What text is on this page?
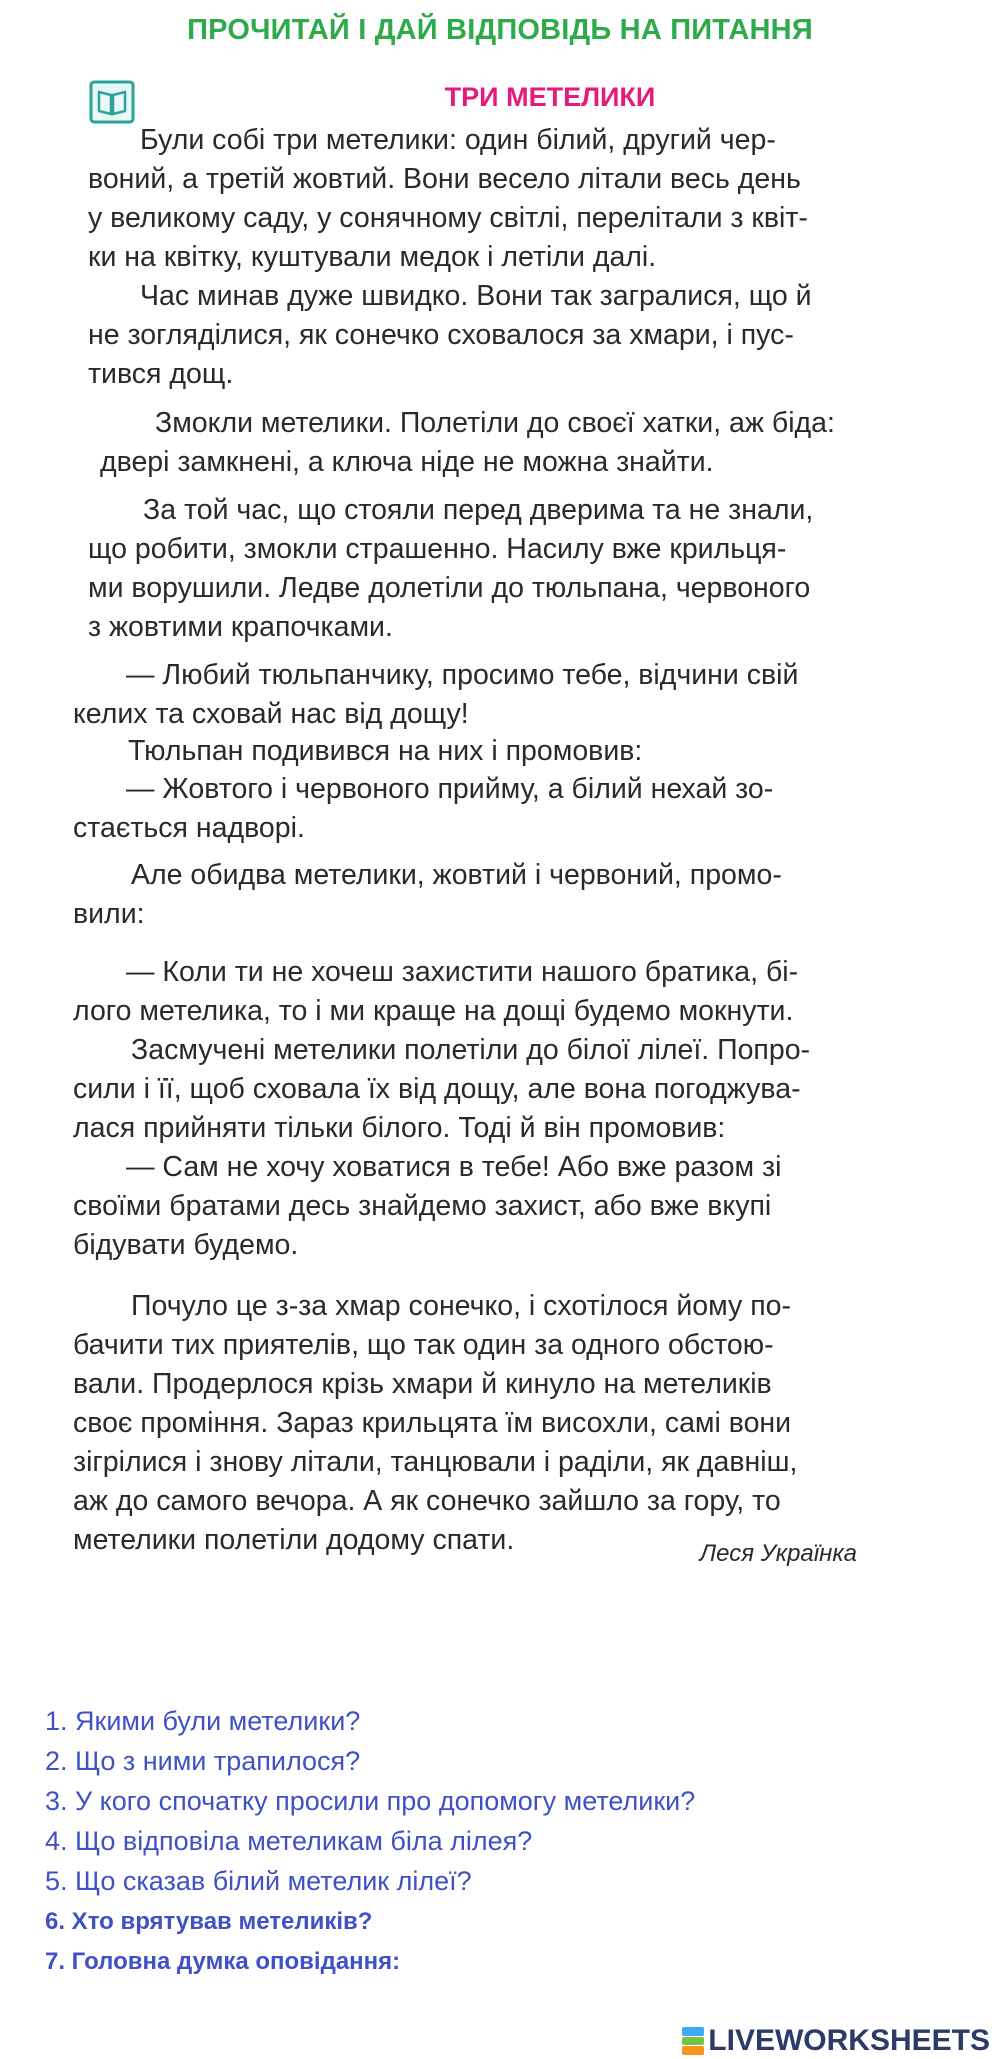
ПРОЧИТАЙ І ДАЙ ВІДПОВІДЬ НА ПИТАННЯ
ТРИ МЕТЕЛИКИ
Були собі три метелики: один білий, другий чер-
воний, а третій жовтий. Вони весело літали весь день
у великому саду, у сонячному світлі, перелітали з квіт-
ки на квітку, куштували медок і летіли далі.
Час минав дуже швидко. Вони так загралися, що й
не зогляділися, як сонечко сховалося за хмари, і пус-
тився дощ.
Змокли метелики. Полетіли до своєї хатки, аж біда:
двері замкнені, а ключа ніде не можна знайти.
За той час, що стояли перед дверима та не знали,
що робити, змокли страшенно. Насилу вже крильця-
ми ворушили. Ледве долетіли до тюльпана, червоного
з жовтими крапочками.
— Любий тюльпанчику, просимо тебе, відчини свій
келих та сховай нас від дощу!
Тюльпан подивився на них і промовив:
— Жовтого і червоного прийму, а білий нехай зо-
стається надворі.
Але обидва метелики, жовтий і червоний, промо-
вили:
— Коли ти не хочеш захистити нашого братика, бі-
лого метелика, то і ми краще на дощі будемо мокнути.
Засмучені метелики полетіли до білої лілеї. Попро-
сили і її, щоб сховала їх від дощу, але вона погоджува-
лася прийняти тільки білого. Тоді й він промовив:
— Сам не хочу ховатися в тебе! Або вже разом зі
своїми братами десь знайдемо захист, або вже вкупі
бідувати будемо.
Почуло це з-за хмар сонечко, і схотілося йому по-
бачити тих приятелів, що так один за одного обстою-
вали. Продерлося крізь хмари й кинуло на метеликів
своє проміння. Зараз крильцята їм висохли, самі вони
зігрілися і знову літали, танцювали і раділи, як давніш,
аж до самого вечора. А як сонечко зайшло за гору, то
метелики полетіли додому спати.	Леся Українка
1. Якими були метелики?
2. Що з ними трапилося?
3. У кого спочатку просили про допомогу метелики?
4. Що відповіла метеликам біла лілея?
5. Що сказав білий метелик лілеї?
6. Хто врятував метеликів?
7. Головна думка оповідання:
LIVEWORKSHEETS
